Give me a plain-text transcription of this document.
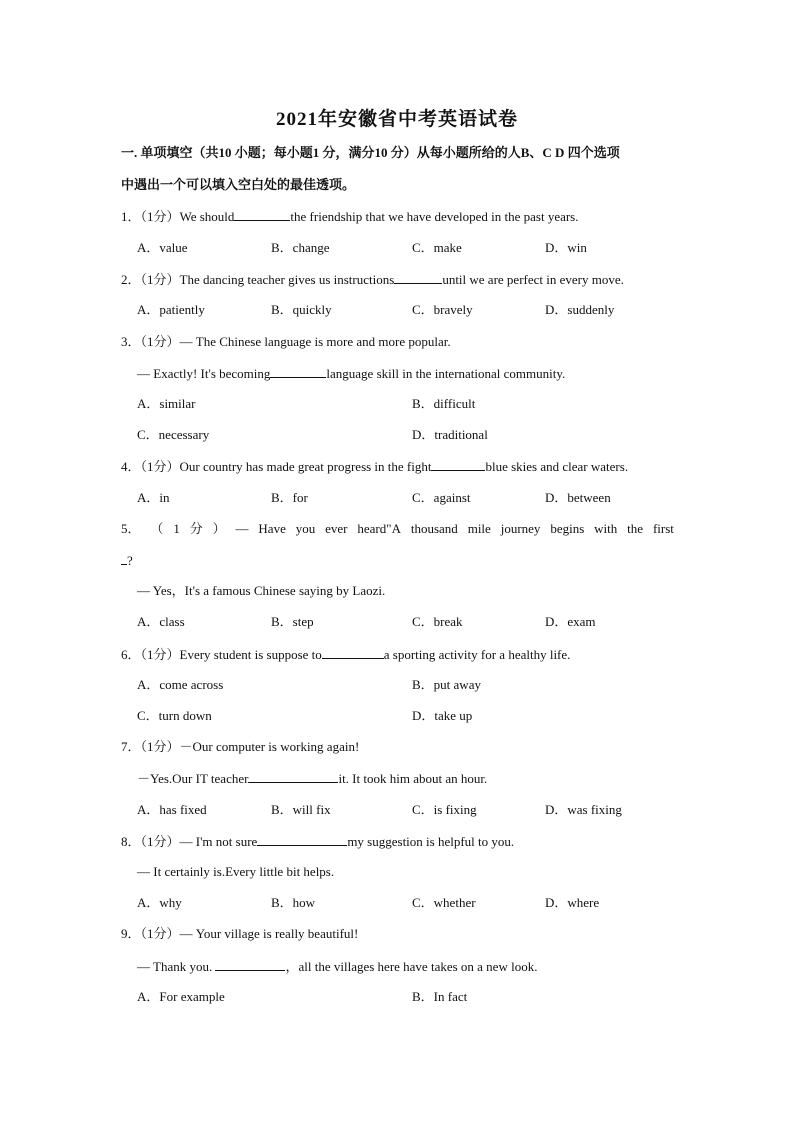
2021年安徽省中考英语试卷
一. 单项填空（共10 小题；每小题1 分，满分10 分）从每小题所给的人B、C D 四个选项
中遇出一个可以填入空白处的最佳透项。
1．（1分）We should	the friendship that we have developed in the past years.
A．value	B．change	C．make	D．win
2．（1分）The dancing teacher gives us instructions	until we are perfect in every move.
A．patiently	B．quickly	C．bravely	D．suddenly
3．（1分）— The Chinese language is more and more popular.
— Exactly! It's becoming	language skill in the international community.
A．similar	B．difficult
C．necessary	D．traditional
4．（1分）Our country has made great progress in the fight	blue skies and clear waters.
A．in	B．for	C．against	D．between
5． （ 1 分 ） — Have you ever heard"A thousand mile journey begins with the first
?
— Yes，It's a famous Chinese saying by Laozi.
A．class	B．step	C．break	D．exam
6．（1分）Every student is suppose to	a sporting activity for a healthy life.
A．come across	B．put away
C．turn down	D．take up
7．（1分）－Our computer is working again!
－Yes.Our IT teacher	it. It took him about an hour.
A．has fixed	B．will fix	C．is fixing	D．was fixing
8．（1分）— I'm not sure	my suggestion is helpful to you.
— It certainly is.Every little bit helps.
A．why	B．how	C．whether	D．where
9．（1分）— Your village is really beautiful!
— Thank you.	，all the villages here have takes on a new look.
A．For example	B．In fact
